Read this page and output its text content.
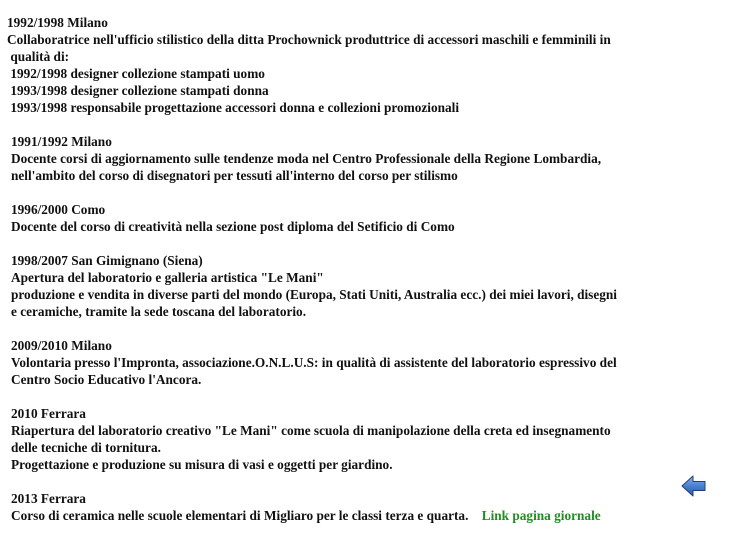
1992/1998 Milano
Collaboratrice nell'ufficio stilistico della ditta Prochownick produttrice di accessori maschili e femminili in
qualità di:
1992/1998 designer collezione stampati uomo
1993/1998 designer collezione stampati donna
1993/1998 responsabile progettazione accessori donna e collezioni promozionali
1991/1992 Milano
Docente corsi di aggiornamento sulle tendenze moda nel Centro Professionale della Regione Lombardia,
nell'ambito del corso di disegnatori per tessuti all'interno del corso per stilismo
1996/2000 Como
Docente del corso di creatività nella sezione post diploma del Setificio di Como
1998/2007 San Gimignano (Siena)
Apertura del laboratorio e galleria artistica "Le Mani"
produzione e vendita in diverse parti del mondo (Europa, Stati Uniti, Australia ecc.) dei miei lavori, disegni
e ceramiche, tramite la sede toscana del laboratorio.
2009/2010 Milano
Volontaria presso l'Impronta, associazione.O.N.L.U.S: in qualità di assistente del laboratorio espressivo del
Centro Socio Educativo l'Ancora.
2010 Ferrara
Riapertura del laboratorio creativo "Le Mani" come scuola di manipolazione della creta ed insegnamento
delle tecniche di tornitura.
Progettazione e produzione su misura di vasi e oggetti per giardino.
2013 Ferrara
Corso di ceramica nelle scuole elementari di Migliaro per le classi terza e quarta. Link pagina giornale
